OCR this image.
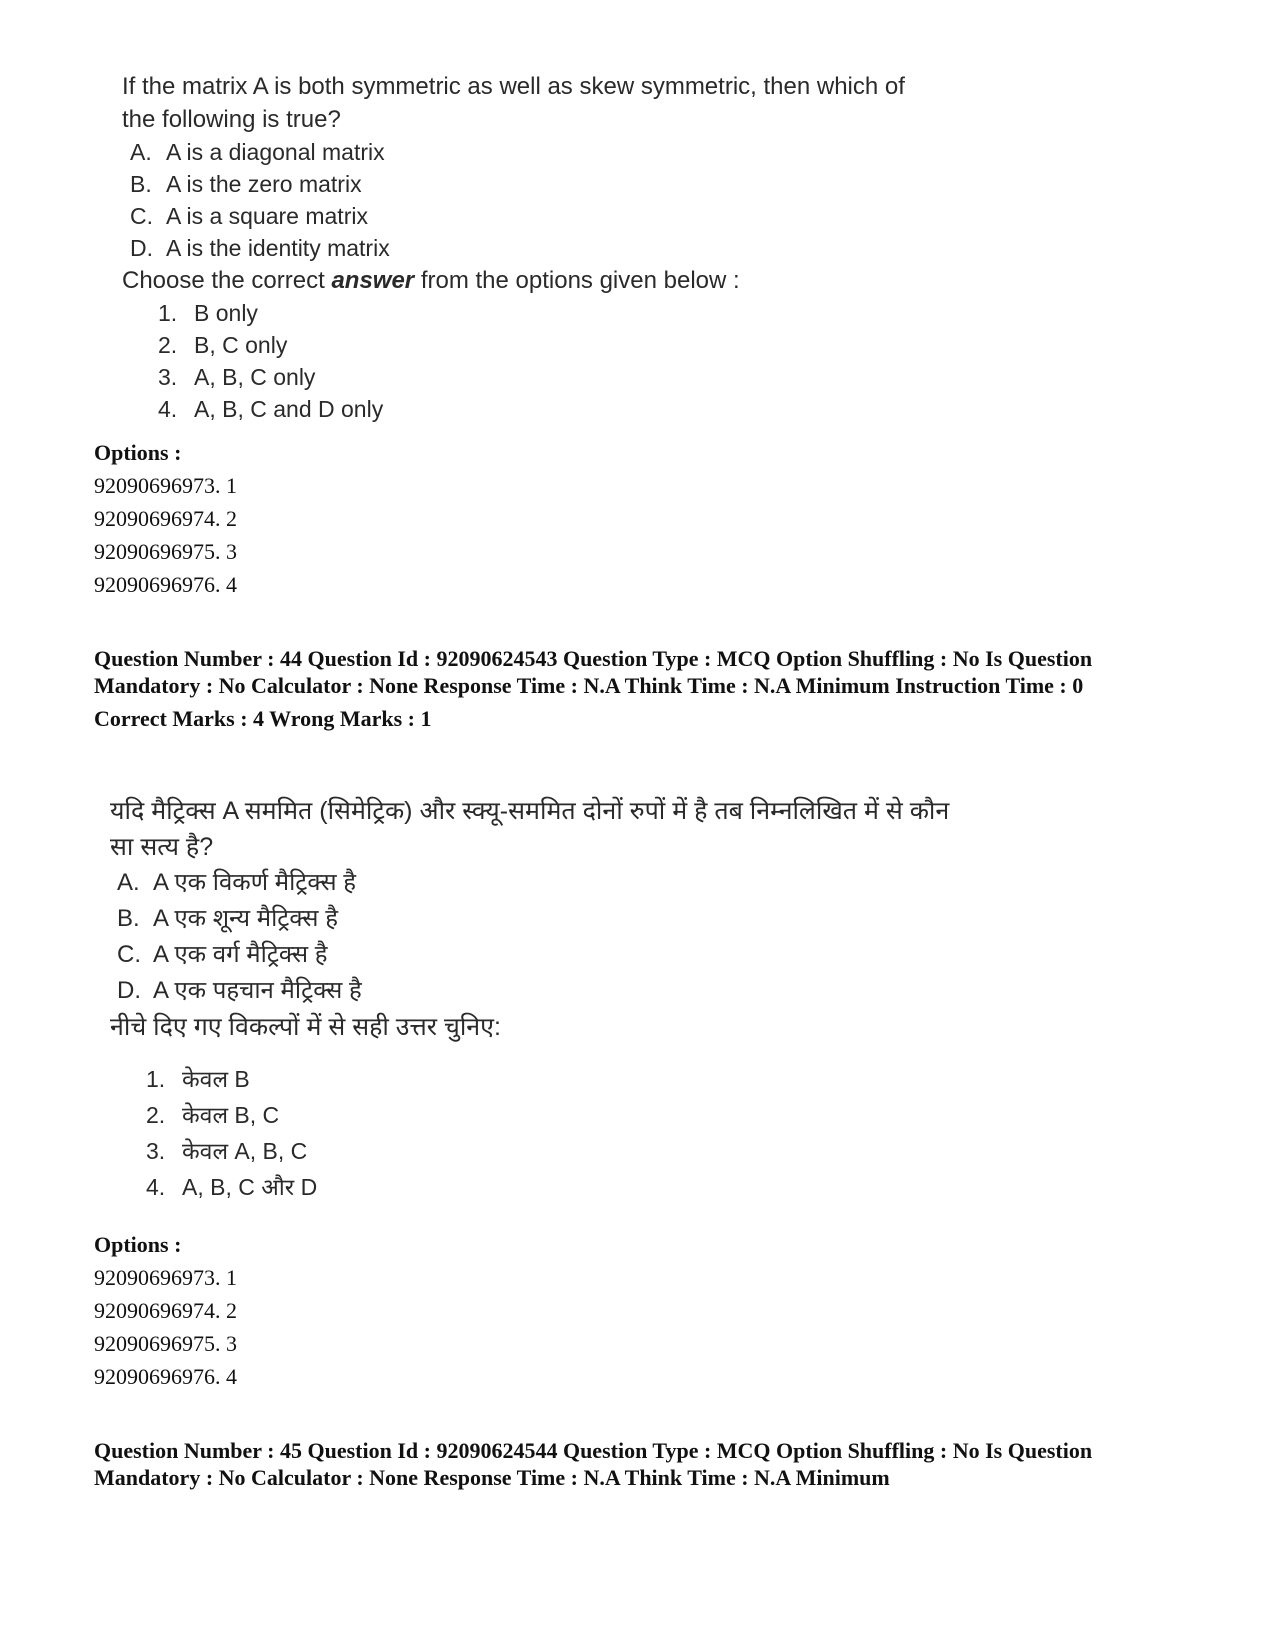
If the matrix A is both symmetric as well as skew symmetric, then which of the following is true?

A. A is a diagonal matrix
B. A is the zero matrix
C. A is a square matrix
D. A is the identity matrix

Choose the correct answer from the options given below :

1. B only
2. B, C only
3. A, B, C only
4. A, B, C and D only

Options :

92090696973. 1

92090696974. 2

92090696975. 3

92090696976. 4

Question Number : 44 Question Id : 92090624543 Question Type : MCQ Option Shuffling : No Is Question Mandatory : No Calculator : None Response Time : N.A Think Time : N.A Minimum Instruction Time : 0

Correct Marks : 4 Wrong Marks : 1

यदि मैट्रिक्स A सममित (सिमेट्रिक) और स्क्यू-सममित दोनों रुपों में है तब निम्नलिखित में से कौन सा सत्य है?

A. A एक विकर्ण मैट्रिक्स है
B. A एक शून्य मैट्रिक्स है
C. A एक वर्ग मैट्रिक्स है
D. A एक पहचान मैट्रिक्स है

नीचे दिए गए विकल्पों में से सही उत्तर चुनिए:

1. केवल B
2. केवल B, C
3. केवल A, B, C
4. A, B, C और D

Options :

92090696973. 1

92090696974. 2

92090696975. 3

92090696976. 4

Question Number : 45 Question Id : 92090624544 Question Type : MCQ Option Shuffling : No Is Question Mandatory : No Calculator : None Response Time : N.A Think Time : N.A Minimum
